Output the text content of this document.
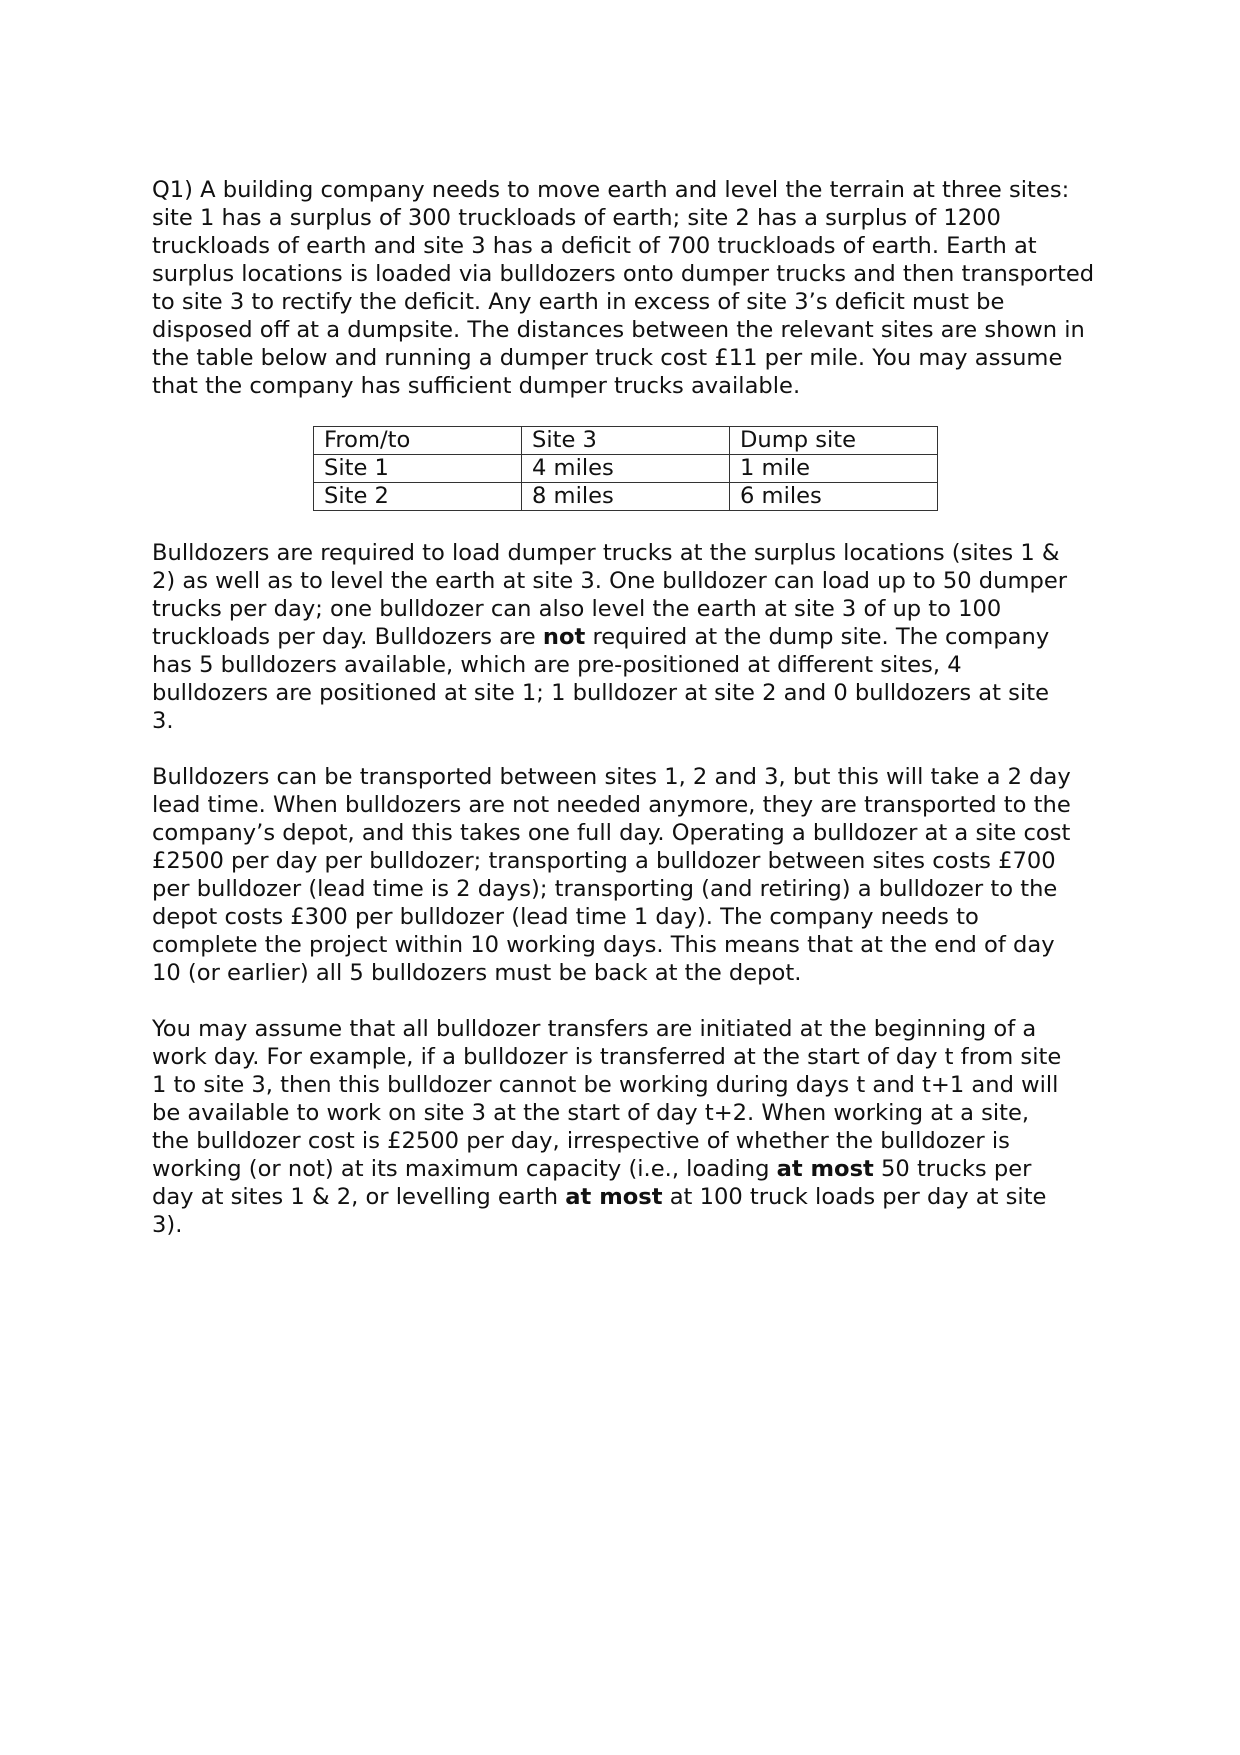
Q1) A building company needs to move earth and level the terrain at three sites:
site 1 has a surplus of 300 truckloads of earth; site 2 has a surplus of 1200
truckloads of earth and site 3 has a deficit of 700 truckloads of earth. Earth at
surplus locations is loaded via bulldozers onto dumper trucks and then transported
to site 3 to rectify the deficit. Any earth in excess of site 3’s deficit must be
disposed off at a dumpsite. The distances between the relevant sites are shown in
the table below and running a dumper truck cost £11 per mile. You may assume
that the company has sufficient dumper trucks available.

From/to	Site 3	Dump site
Site 1	4 miles	1 mile
Site 2	8 miles	6 miles

Bulldozers are required to load dumper trucks at the surplus locations (sites 1 &
2) as well as to level the earth at site 3. One bulldozer can load up to 50 dumper
trucks per day; one bulldozer can also level the earth at site 3 of up to 100
truckloads per day. Bulldozers are not required at the dump site. The company
has 5 bulldozers available, which are pre-positioned at different sites, 4
bulldozers are positioned at site 1; 1 bulldozer at site 2 and 0 bulldozers at site
3.

Bulldozers can be transported between sites 1, 2 and 3, but this will take a 2 day
lead time. When bulldozers are not needed anymore, they are transported to the
company’s depot, and this takes one full day. Operating a bulldozer at a site cost
£2500 per day per bulldozer; transporting a bulldozer between sites costs £700
per bulldozer (lead time is 2 days); transporting (and retiring) a bulldozer to the
depot costs £300 per bulldozer (lead time 1 day). The company needs to
complete the project within 10 working days. This means that at the end of day
10 (or earlier) all 5 bulldozers must be back at the depot.

You may assume that all bulldozer transfers are initiated at the beginning of a
work day. For example, if a bulldozer is transferred at the start of day t from site
1 to site 3, then this bulldozer cannot be working during days t and t+1 and will
be available to work on site 3 at the start of day t+2. When working at a site,
the bulldozer cost is £2500 per day, irrespective of whether the bulldozer is
working (or not) at its maximum capacity (i.e., loading at most 50 trucks per
day at sites 1 & 2, or levelling earth at most at 100 truck loads per day at site
3).
